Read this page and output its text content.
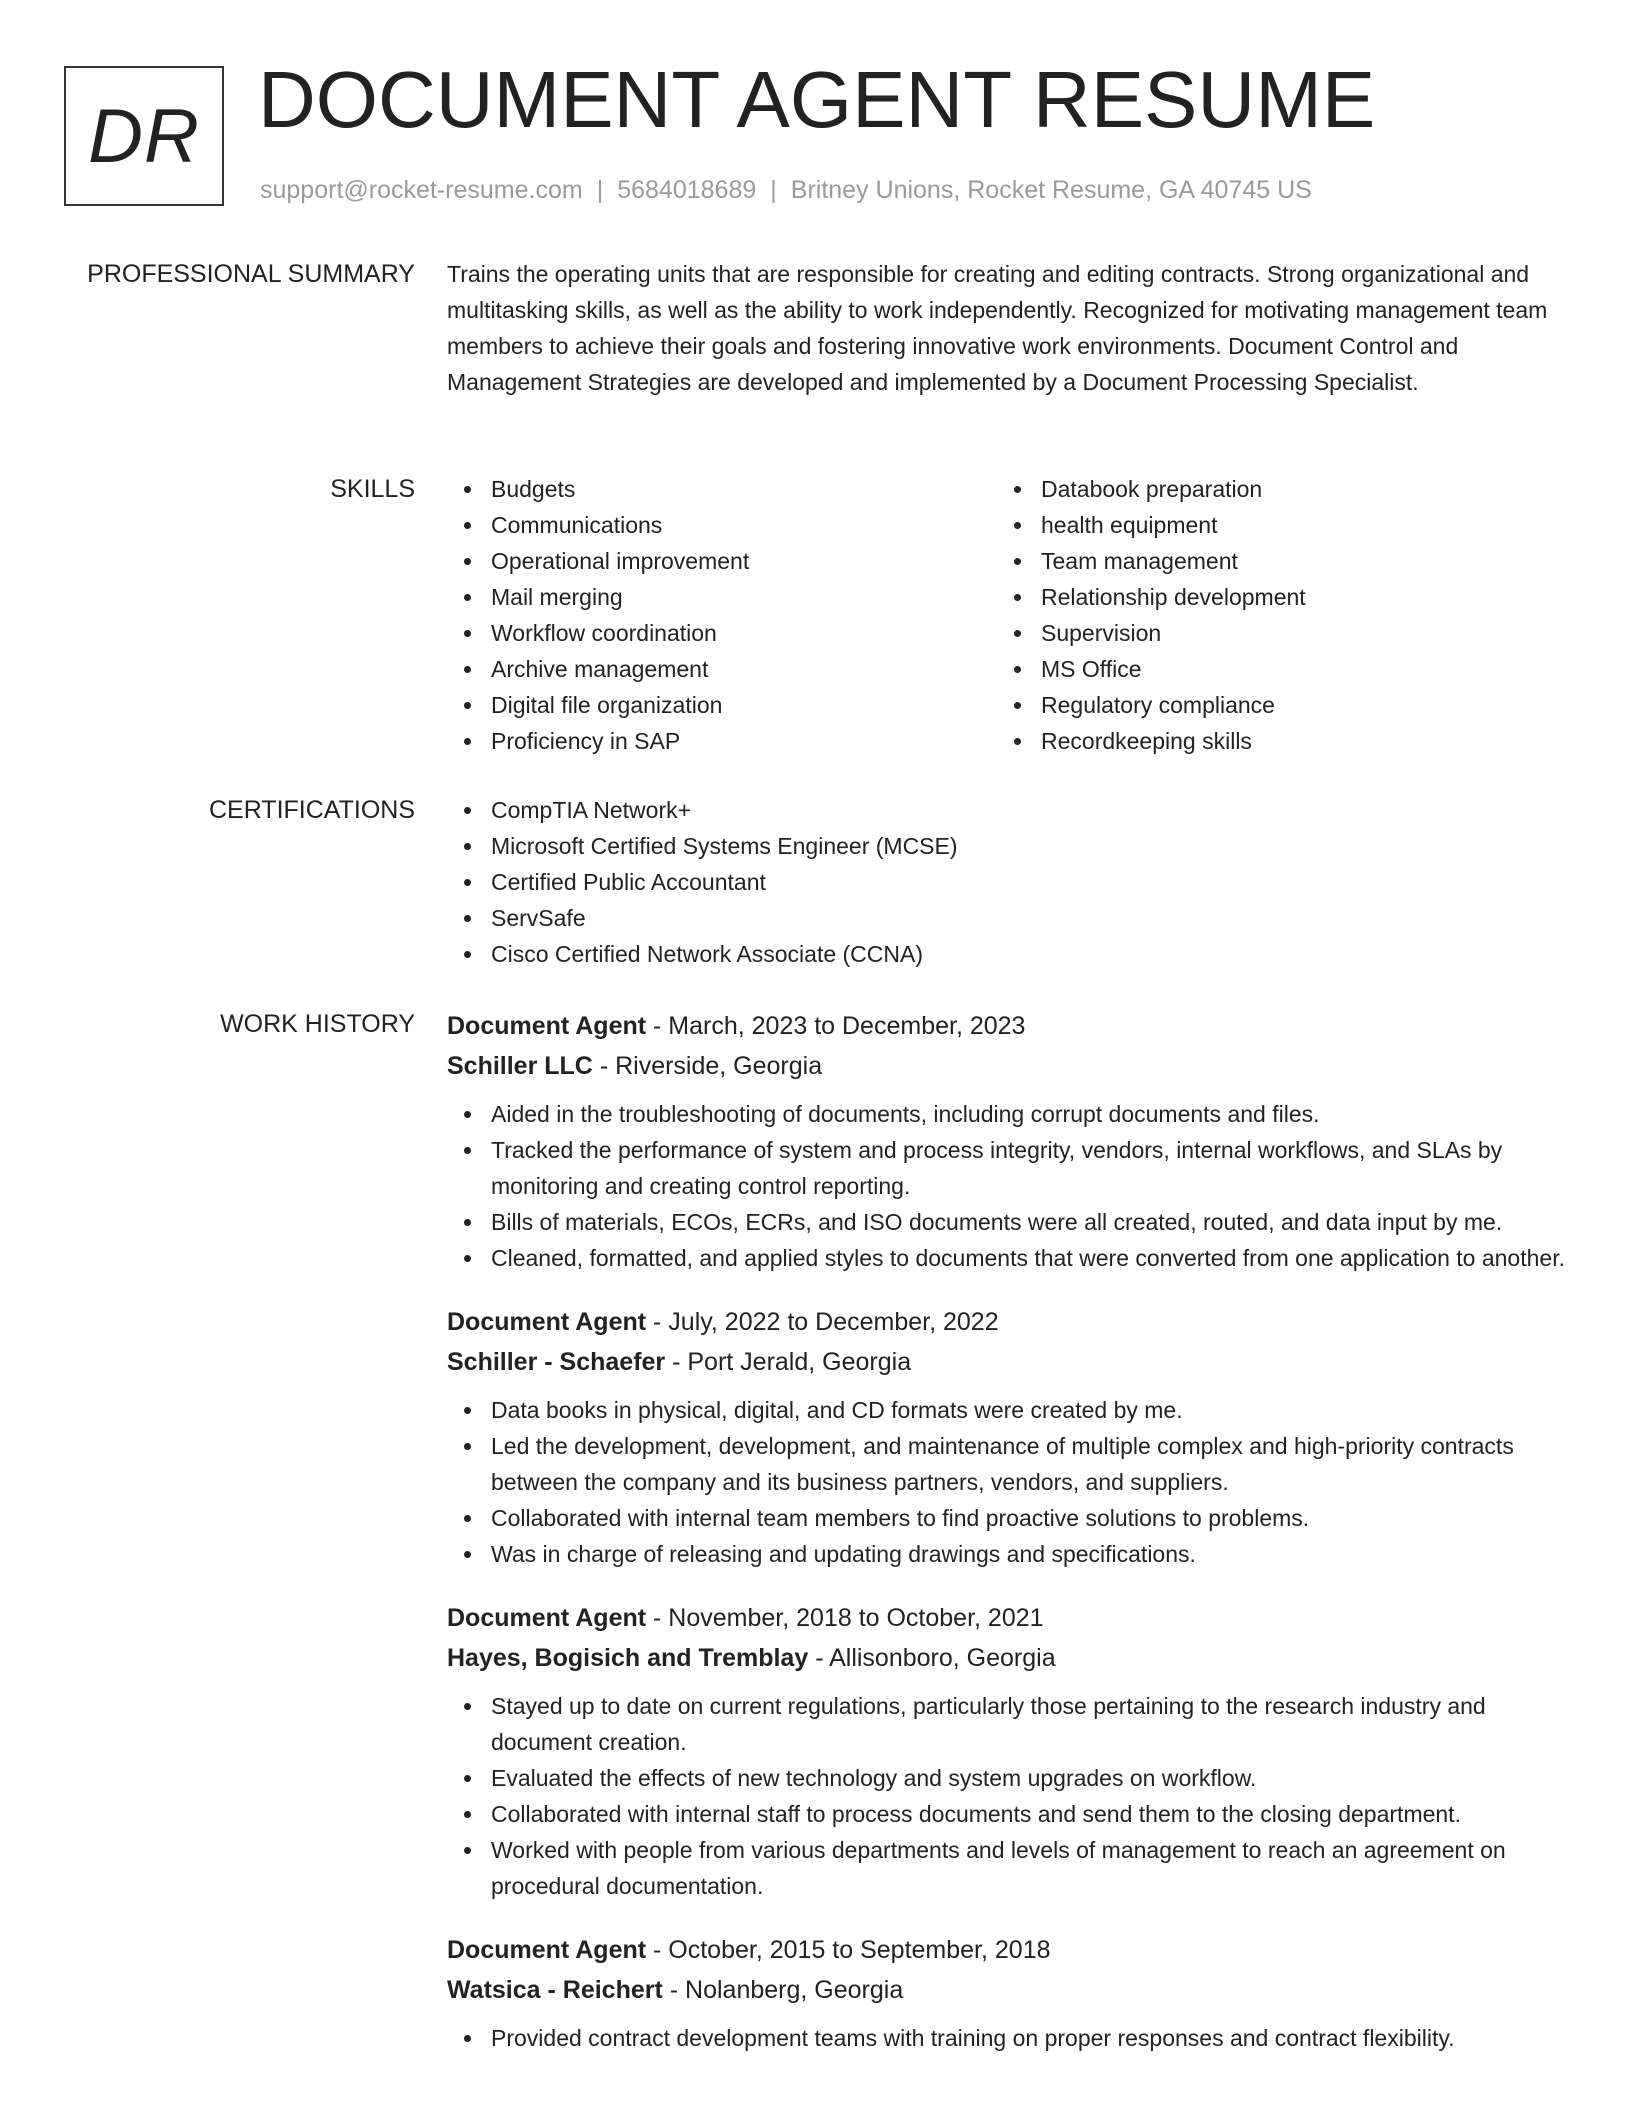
DR DOCUMENT AGENT RESUME
support@rocket-resume.com | 5684018689 | Britney Unions, Rocket Resume, GA 40745 US
PROFESSIONAL SUMMARY Trains the operating units that are responsible for creating and editing contracts. Strong organizational and multitasking skills, as well as the ability to work independently. Recognized for motivating management team members to achieve their goals and fostering innovative work environments. Document Control and Management Strategies are developed and implemented by a Document Processing Specialist.

SKILLS	Budgets
Communications
Operational improvement
Mail merging
Workflow coordination
Archive management
Digital file organization
Proficiency in SAP
Databook preparation
health equipment
Team management
Relationship development
Supervision
MS Office
Regulatory compliance
Recordkeeping skills
CERTIFICATIONS	CompTIA Network+
Microsoft Certified Systems Engineer (MCSE)
Certified Public Accountant
ServSafe
Cisco Certified Network Associate (CCNA)
WORK HISTORY Document Agent - March, 2023 to December, 2023
Schiller LLC - Riverside, Georgia
Aided in the troubleshooting of documents, including corrupt documents and files.
Tracked the performance of system and process integrity, vendors, internal workflows, and SLAs by monitoring and creating control reporting.
Bills of materials, ECOs, ECRs, and ISO documents were all created, routed, and data input by me.
Cleaned, formatted, and applied styles to documents that were converted from one application to another.
Document Agent - July, 2022 to December, 2022
Schiller - Schaefer - Port Jerald, Georgia
Data books in physical, digital, and CD formats were created by me.
Led the development, development, and maintenance of multiple complex and high-priority contracts between the company and its business partners, vendors, and suppliers.
Collaborated with internal team members to find proactive solutions to problems.
Was in charge of releasing and updating drawings and specifications.
Document Agent - November, 2018 to October, 2021
Hayes, Bogisich and Tremblay - Allisonboro, Georgia
Stayed up to date on current regulations, particularly those pertaining to the research industry and document creation.
Evaluated the effects of new technology and system upgrades on workflow.
Collaborated with internal staff to process documents and send them to the closing department.
Worked with people from various departments and levels of management to reach an agreement on procedural documentation.
Document Agent - October, 2015 to September, 2018
Watsica - Reichert - Nolanberg, Georgia
Provided contract development teams with training on proper responses and contract flexibility.
